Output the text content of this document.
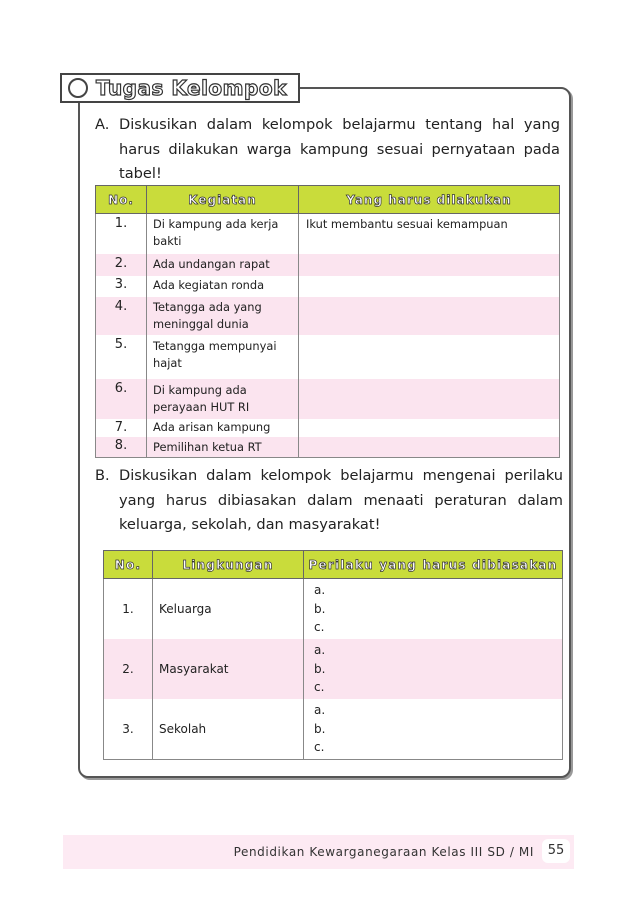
Tugas Kelompok
A. Diskusikan dalam kelompok belajarmu tentang hal yang harus dilakukan warga kampung sesuai pernyataan pada tabel!
No.	Kegiatan	Yang harus dilakukan
1.	Di kampung ada kerja bakti	Ikut membantu sesuai kemampuan
2.	Ada undangan rapat	
3.	Ada kegiatan ronda	
4.	Tetangga ada yang meninggal dunia	
5.	Tetangga mempunyai hajat	
6.	Di kampung ada perayaan HUT RI	
7.	Ada arisan kampung	
8.	Pemilihan ketua RT	
B. Diskusikan dalam kelompok belajarmu mengenai perilaku yang harus dibiasakan dalam menaati peraturan dalam keluarga, sekolah, dan masyarakat!
No.	Lingkungan	Perilaku yang harus dibiasakan
1.	Keluarga	a.
b.
c.

2.	Masyarakat	a.
b.
c.

3.	Sekolah	a.
b.
c.
Pendidikan Kewarganegaraan Kelas III SD / MI	55
